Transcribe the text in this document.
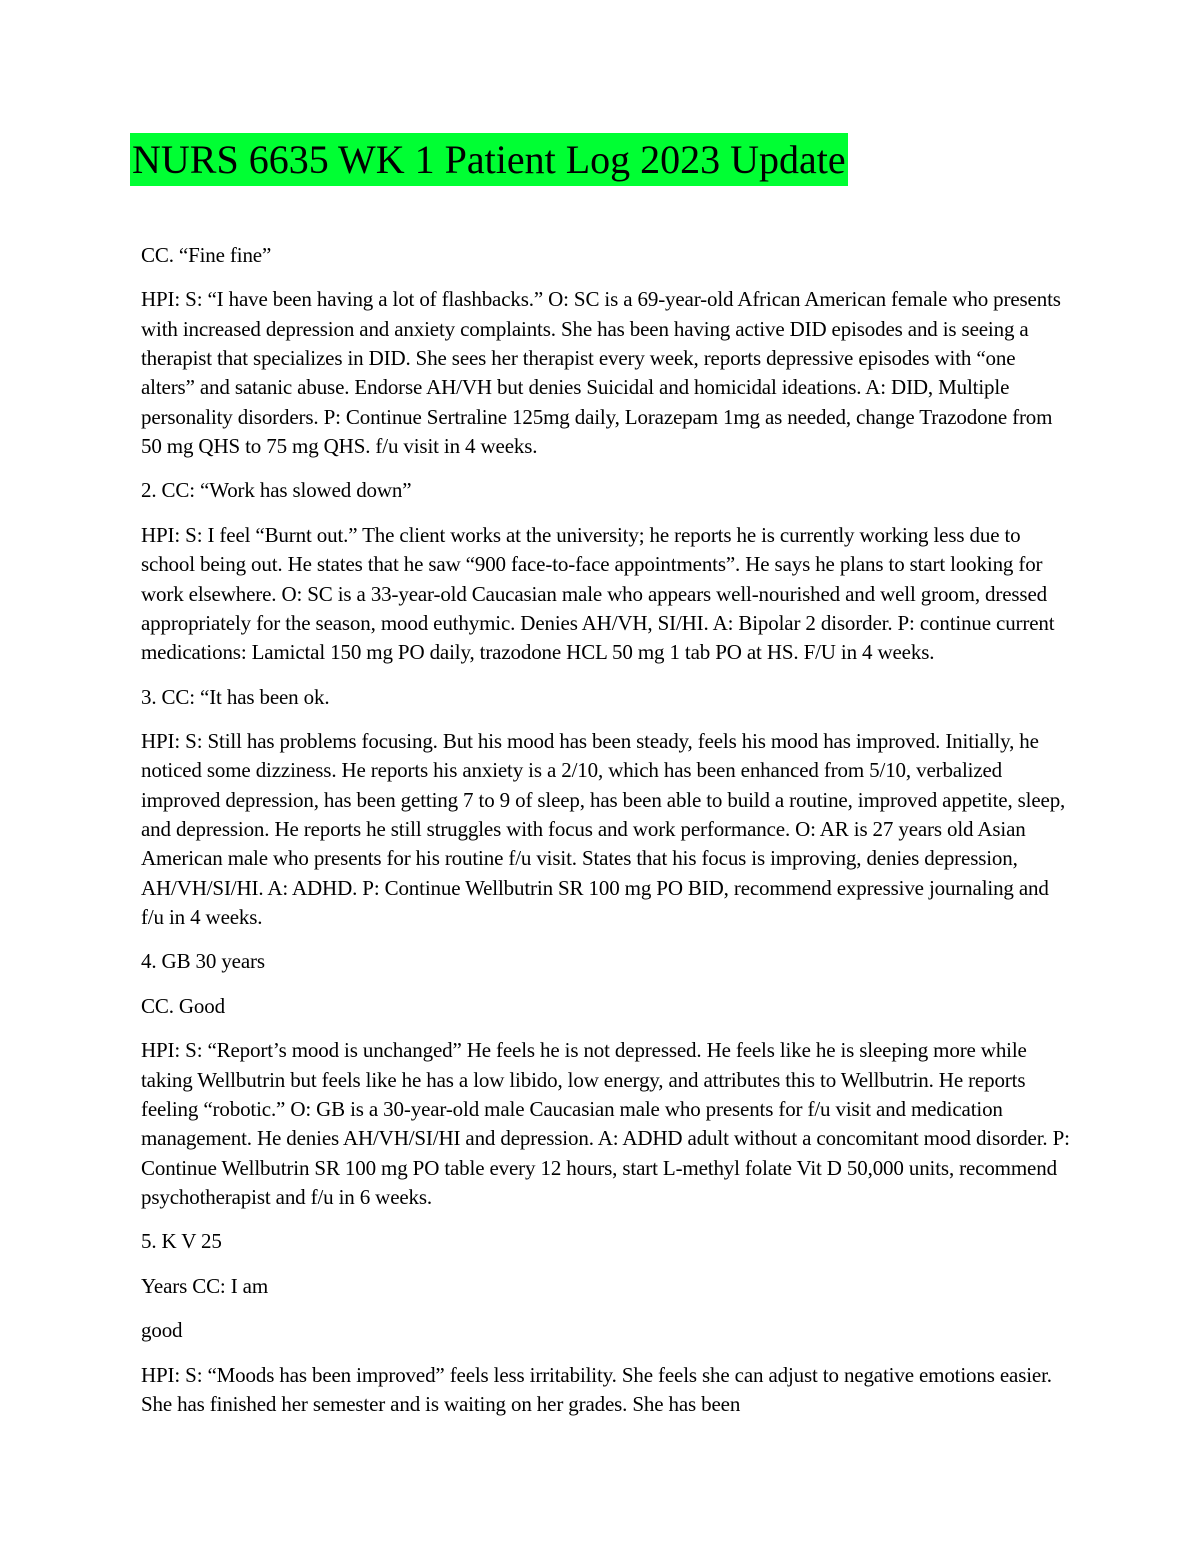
NURS 6635 WK 1 Patient Log 2023 Update

CC. “Fine fine”

HPI: S: “I have been having a lot of flashbacks.” O: SC is a 69-year-old African American female who presents with increased depression and anxiety complaints. She has been having active DID episodes and is seeing a therapist that specializes in DID. She sees her therapist every week, reports depressive episodes with “one alters” and satanic abuse. Endorse AH/VH but denies Suicidal and homicidal ideations. A: DID, Multiple personality disorders. P: Continue Sertraline 125mg daily, Lorazepam 1mg as needed, change Trazodone from 50 mg QHS to 75 mg QHS. f/u visit in 4 weeks.

2. CC: “Work has slowed down”

HPI: S: I feel “Burnt out.” The client works at the university; he reports he is currently working less due to school being out. He states that he saw “900 face-to-face appointments”. He says he plans to start looking for work elsewhere. O: SC is a 33-year-old Caucasian male who appears well-nourished and well groom, dressed appropriately for the season, mood euthymic. Denies AH/VH, SI/HI. A: Bipolar 2 disorder. P: continue current medications: Lamictal 150 mg PO daily, trazodone HCL 50 mg 1 tab PO at HS. F/U in 4 weeks.

3. CC: “It has been ok.

HPI: S: Still has problems focusing. But his mood has been steady, feels his mood has improved. Initially, he noticed some dizziness. He reports his anxiety is a 2/10, which has been enhanced from 5/10, verbalized improved depression, has been getting 7 to 9 of sleep, has been able to build a routine, improved appetite, sleep, and depression. He reports he still struggles with focus and work performance. O: AR is 27 years old Asian American male who presents for his routine f/u visit. States that his focus is improving, denies depression, AH/VH/SI/HI. A: ADHD. P: Continue Wellbutrin SR 100 mg PO BID, recommend expressive journaling and f/u in 4 weeks.

4. GB 30 years

CC. Good

HPI: S: “Report’s mood is unchanged” He feels he is not depressed. He feels like he is sleeping more while taking Wellbutrin but feels like he has a low libido, low energy, and attributes this to Wellbutrin. He reports feeling “robotic.” O: GB is a 30-year-old male Caucasian male who presents for f/u visit and medication management. He denies AH/VH/SI/HI and depression. A: ADHD adult without a concomitant mood disorder. P: Continue Wellbutrin SR 100 mg PO table every 12 hours, start L-methyl folate Vit D 50,000 units, recommend psychotherapist and f/u in 6 weeks.

5. K V 25

Years CC: I am

good

HPI: S: “Moods has been improved” feels less irritability. She feels she can adjust to negative emotions easier. She has finished her semester and is waiting on her grades. She has been
